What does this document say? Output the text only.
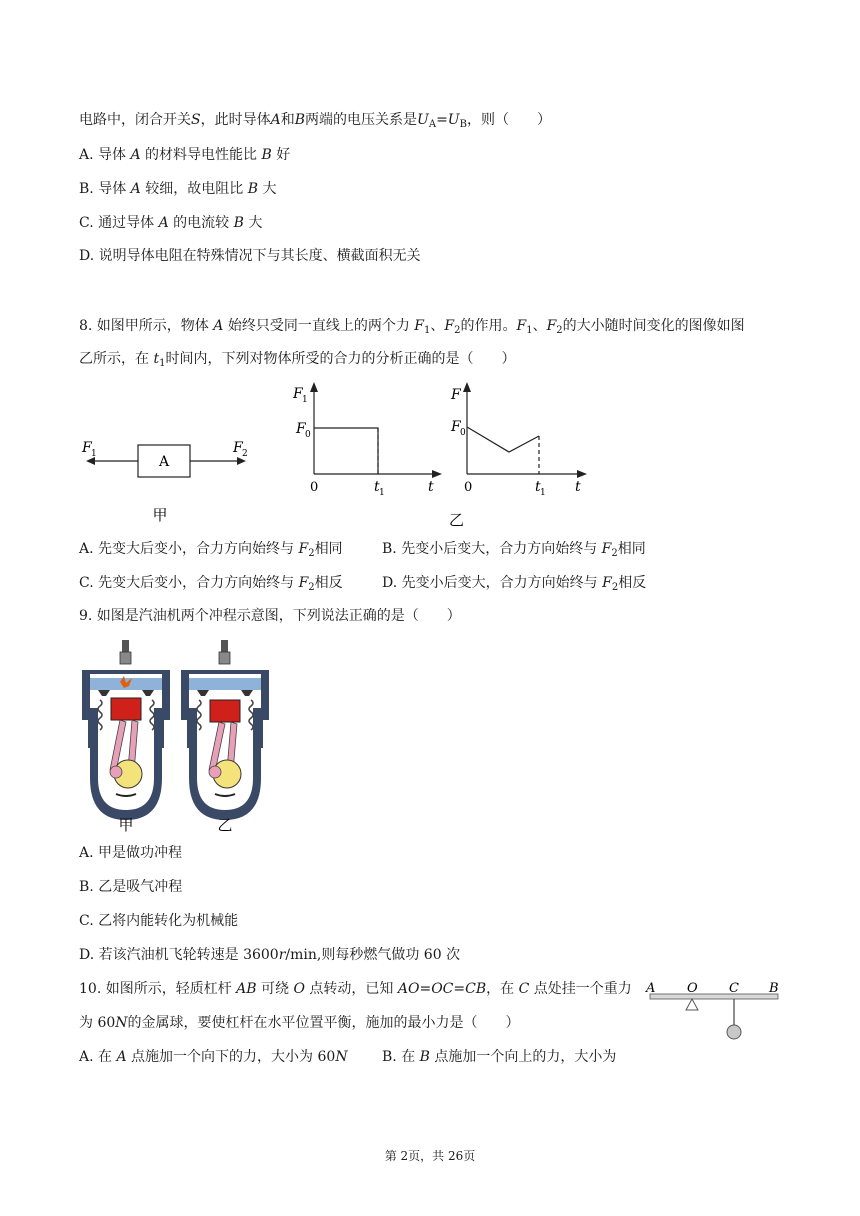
电路中，闭合开关S，此时导体A和B两端的电压关系是$U_A=U_B$，则（　　）
A. 导体 A 的材料导电性能比 B 好
B. 导体 A 较细，故电阻比 B 大
C. 通过导体 A 的电流较 B 大
D. 说明导体电阻在特殊情况下与其长度、横截面积无关
8. 如图甲所示，物体 A 始终只受同一直线上的两个力 $F_1$、$F_2$的作用。$F_1$、$F_2$的大小随时间变化的图像如图
乙所示，在 $t_1$时间内，下列对物体所受的合力的分析正确的是（　　）
A
F 1	F 2
甲
F 1
F 0
0	t 1	t
F
F 0
0	t 1 t
乙
A. 先变大后变小，合力方向始终与 $F_2$相同	B. 先变小后变大，合力方向始终与 $F_2$相同
C. 先变大后变小，合力方向始终与 $F_2$相反	D. 先变小后变大，合力方向始终与 $F_2$相反
9. 如图是汽油机两个冲程示意图，下列说法正确的是（　　）
甲	乙
A. 甲是做功冲程
B. 乙是吸气冲程
C. 乙将内能转化为机械能
D. 若该汽油机飞轮转速是 3600r/min,则每秒燃气做功 60 次
10. 如图所示，轻质杠杆 AB 可绕 O 点转动，已知 AO=OC=CB，在 C 点处挂一个重力
为 60N的金属球，要使杠杆在水平位置平衡，施加的最小力是（　　）
A O C B
A. 在 A 点施加一个向下的力，大小为 60N B. 在 B 点施加一个向上的力，大小为
第 2页，共 26页
